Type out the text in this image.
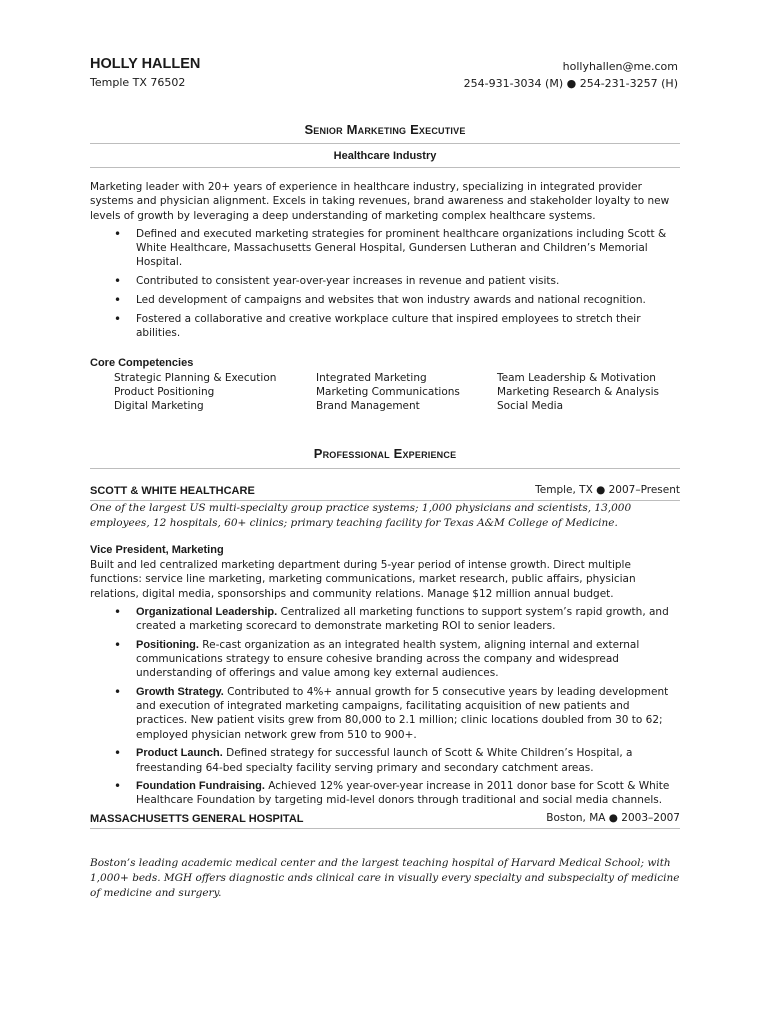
HOLLY HALLEN
Temple TX 76502
hollyhallen@me.com
254-931-3034 (M) ● 254-231-3257 (H)
Senior Marketing Executive
Healthcare Industry
Marketing leader with 20+ years of experience in healthcare industry, specializing in integrated provider systems and physician alignment. Excels in taking revenues, brand awareness and stakeholder loyalty to new levels of growth by leveraging a deep understanding of marketing complex healthcare systems.
• Defined and executed marketing strategies for prominent healthcare organizations including Scott & White Healthcare, Massachusetts General Hospital, Gundersen Lutheran and Children’s Memorial Hospital.
• Contributed to consistent year-over-year increases in revenue and patient visits.
• Led development of campaigns and websites that won industry awards and national recognition.
• Fostered a collaborative and creative workplace culture that inspired employees to stretch their abilities.
Core Competencies
Strategic Planning & Execution
Product Positioning
Digital Marketing
Integrated Marketing
Marketing Communications
Brand Management
Team Leadership & Motivation
Marketing Research & Analysis
Social Media
Professional Experience
SCOTT & WHITE HEALTHCARE	Temple, TX ● 2007–Present
One of the largest US multi-specialty group practice systems; 1,000 physicians and scientists, 13,000 employees, 12 hospitals, 60+ clinics; primary teaching facility for Texas A&M College of Medicine.
Vice President, Marketing
Built and led centralized marketing department during 5-year period of intense growth. Direct multiple functions: service line marketing, marketing communications, market research, public affairs, physician relations, digital media, sponsorships and community relations. Manage $12 million annual budget.
• Organizational Leadership. Centralized all marketing functions to support system’s rapid growth, and created a marketing scorecard to demonstrate marketing ROI to senior leaders.
• Positioning. Re-cast organization as an integrated health system, aligning internal and external communications strategy to ensure cohesive branding across the company and widespread understanding of offerings and value among key external audiences.
• Growth Strategy. Contributed to 4%+ annual growth for 5 consecutive years by leading development and execution of integrated marketing campaigns, facilitating acquisition of new patients and practices. New patient visits grew from 80,000 to 2.1 million; clinic locations doubled from 30 to 62; employed physician network grew from 510 to 900+.
• Product Launch. Defined strategy for successful launch of Scott & White Children’s Hospital, a freestanding 64-bed specialty facility serving primary and secondary catchment areas.
• Foundation Fundraising. Achieved 12% year-over-year increase in 2011 donor base for Scott & White Healthcare Foundation by targeting mid-level donors through traditional and social media channels.
MASSACHUSETTS GENERAL HOSPITAL	Boston, MA ● 2003–2007
Boston’s leading academic medical center and the largest teaching hospital of Harvard Medical School; with 1,000+ beds. MGH offers diagnostic ands clinical care in visually every specialty and subspecialty of medicine of medicine and surgery.
